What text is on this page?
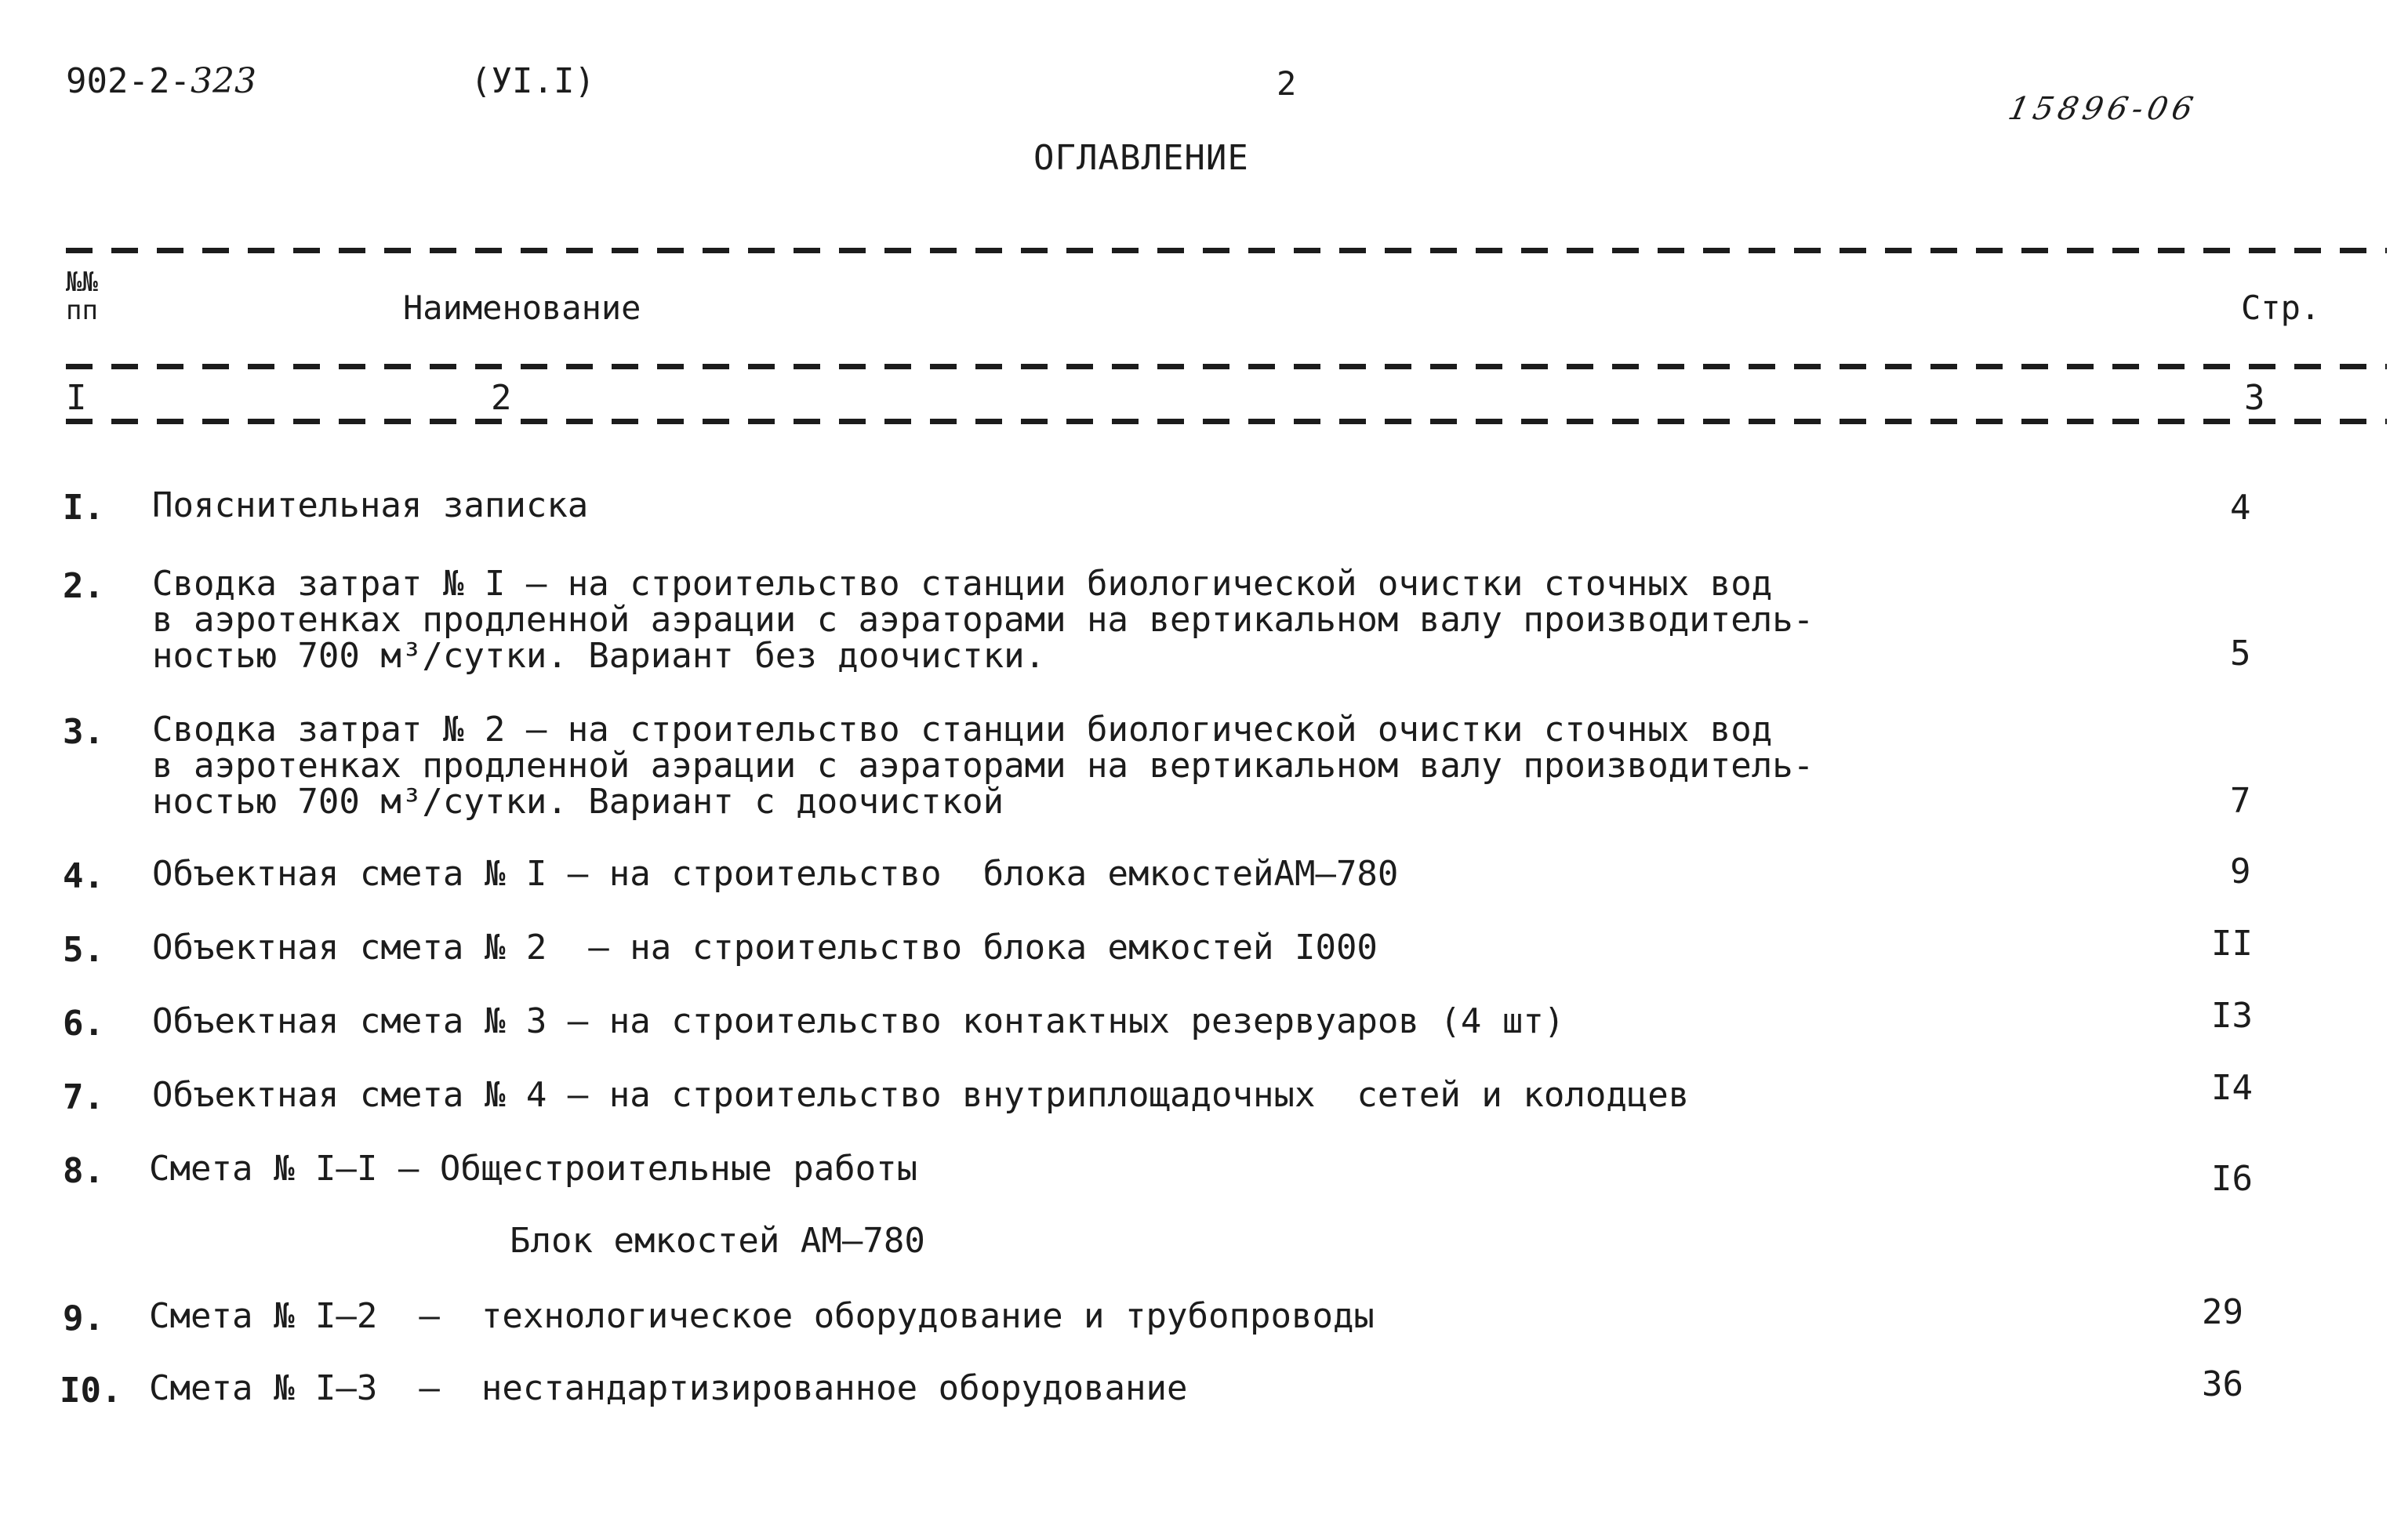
902-2-323	(УI.I)	2
15896-06
ОГЛАВЛЕНИЕ
№№
пп	Наименование	Стр.
I	2	3
I. Пояснительная записка	4
2. Сводка затрат № I – на строительство станции биологической очистки сточных вод
в аэротенках продленной аэрации с аэраторами на вертикальном валу производитель-
ностью 700 м³/сутки. Вариант без доочистки.	5
3. Сводка затрат № 2 – на строительство станции биологической очистки сточных вод
в аэротенках продленной аэрации с аэраторами на вертикальном валу производитель-
ностью 700 м³/сутки. Вариант с доочисткой	7
4. Объектная смета № I – на строительство  блока емкостейАМ–780	9
5. Объектная смета № 2  – на строительство блока емкостей I000	II
6. Объектная смета № 3 – на строительство контактных резервуаров (4 шт)	I3
7. Объектная смета № 4 – на строительство внутриплощадочных  сетей и колодцев	I4
8. Смета № I–I – Общестроительные работы	I6
Блок емкостей АМ–780
9. Смета № I–2  –  технологическое оборудование и трубопроводы	29
I0. Смета № I–3  –  нестандартизированное оборудование	36
